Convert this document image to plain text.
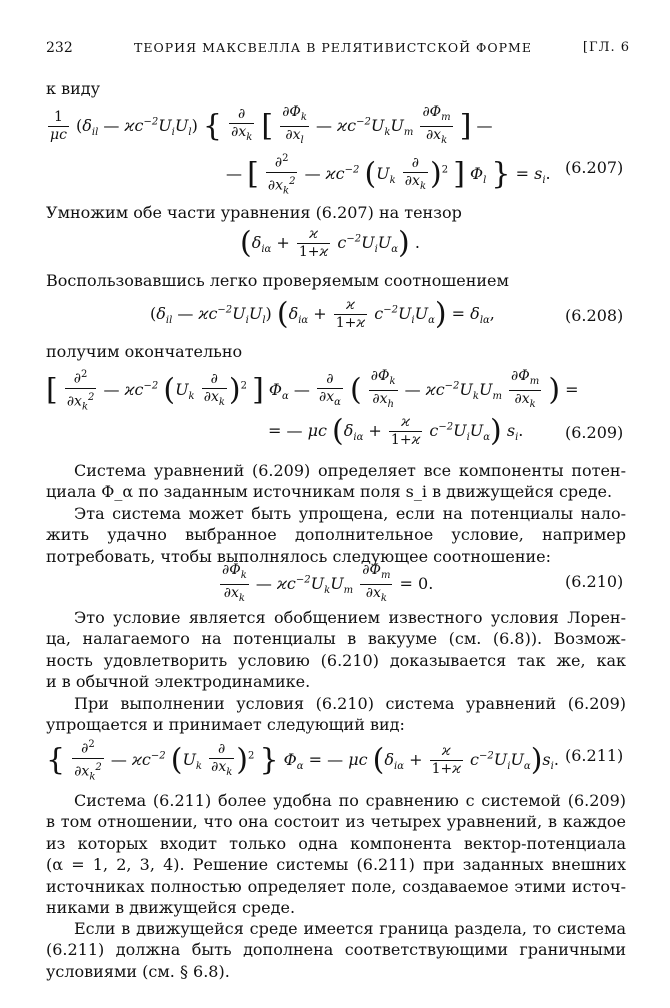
232	ТЕОРИЯ МАКСВЕЛЛА В РЕЛЯТИВИСТСКОЙ ФОРМЕ	[ГЛ. 6
к виду
$\frac{1}{\mu c} (\delta_{il}$ — $ϰc^{-2}U_iU_l$) { $\frac{\partial}{\partial x_k}$ [ $\frac{\partial\Phi_k}{\partial x_l}$ — $ϰc^{-2}U_kU_m \frac{\partial\Phi_m}{\partial x_k}$ ] —
— [ $\frac{\partial^2}{\partial x_k^2}$ — $ϰc^{-2}$ $(U_k \frac{\partial}{\partial x_k} )^2$ ] $\Phi_l$ } = $s_i$. (6.207)
Умножим обе части уравнения (6.207) на тензор
$(\delta_{i\alpha} + \frac{ϰ}{1+ϰ} c^{-2}U_iU_\alpha)$ .
Воспользовавшись легко проверяемым соотношением
($\delta_{il}$ — $ϰc^{-2}U_iU_l$) $(\delta_{i\alpha} + \frac{ϰ}{1+ϰ} c^{-2}U_iU_\alpha) = \delta_{l\alpha}$,	(6.208)
получим окончательно
[ $\frac{\partial^2}{\partial x_k^2}$ — $ϰc^{-2}$ $(U_k \frac{\partial}{\partial x_k} )^2$ ] $\Phi_\alpha$ — $\frac{\partial}{\partial x_\alpha}$ ( $\frac{\partial\Phi_k}{\partial x_h}$ — $ϰc^{-2}U_kU_m \frac{\partial\Phi_m}{\partial x_k}$ ) =
= — μc $(\delta_{i\alpha} + \frac{ϰ}{1+ϰ} c^{-2}U_iU_\alpha)$ $s_i$.	(6.209)
Система уравнений (6.209) определяет все компоненты потен-
циала Φ_α по заданным источникам поля s_i в движущейся среде.
Эта система может быть упрощена, если на потенциалы нало-
жить удачно выбранное дополнительное условие, например
потребовать, чтобы выполнялось следующее соотношение:
$\frac{\partial\Phi_k}{\partial x_k}$ — $ϰc^{-2}U_kU_m \frac{\partial\Phi_m}{\partial x_k} = 0$.	(6.210)
Это условие является обобщением известного условия Лорен-
ца, налагаемого на потенциалы в вакууме (см. (6.8)). Возмож-
ность удовлетворить условию (6.210) доказывается так же, как
и в обычной электродинамике.
При выполнении условия (6.210) система уравнений (6.209)
упрощается и принимает следующий вид:
{ $\frac{\partial^2}{\partial x_k^2}$ — $ϰc^{-2}$ $(U_k \frac{\partial}{\partial x_k} )^2$ } $\Phi_\alpha$ = — μc $(\delta_{i\alpha} + \frac{ϰ}{1+ϰ} c^{-2}U_iU_\alpha)s_i$. (6.211)
Система (6.211) более удобна по сравнению с системой (6.209)
в том отношении, что она состоит из четырех уравнений, в каждое
из которых входит только одна компонента вектор-потенциала
(α = 1, 2, 3, 4). Решение системы (6.211) при заданных внешних
источниках полностью определяет поле, создаваемое этими источ-
никами в движущейся среде.
Если в движущейся среде имеется граница раздела, то система
(6.211) должна быть дополнена соответствующими граничными
условиями (см. § 6.8).
